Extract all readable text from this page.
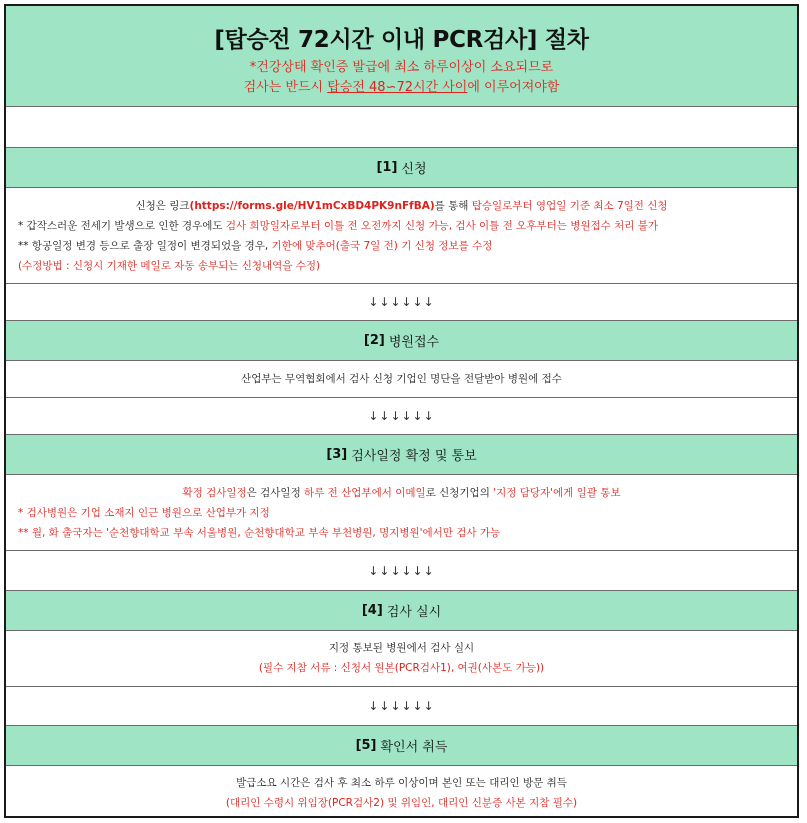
[탑승전 72시간 이내 PCR검사] 절차
*건강상태 확인증 발급에 최소 하루이상이 소요되므로
검사는 반드시 탑승전 48∽72시간 사이에 이루어져야함
[1] 신청
신청은 링크(https://forms.gle/HV1mCxBD4PK9nFfBA)를 통해 탑승일로부터 영업일 기준 최소 7일전 신청
* 갑작스러운 전세기 발생으로 인한 경우에도 검사 희망일자로부터 이틀 전 오전까지 신청 가능, 검사 이틀 전 오후부터는 병원접수 처리 불가
** 항공일정 변경 등으로 출장 일정이 변경되었을 경우, 기한에 맞추어(출국 7일 전) 기 신청 정보를 수정
(수정방법 : 신청시 기재한 메일로 자동 송부되는 신청내역을 수정)
↓↓↓↓↓↓
[2] 병원접수
산업부는 무역협회에서 검사 신청 기업인 명단을 전달받아 병원에 접수
↓↓↓↓↓↓
[3] 검사일정 확정 및 통보
확정 검사일정은 검사일정 하루 전 산업부에서 이메일로 신청기업의 '지정 담당자'에게 일괄 통보
* 검사병원은 기업 소재지 인근 병원으로 산업부가 지정
** 월, 화 출국자는 '순천향대학교 부속 서울병원, 순천향대학교 부속 부천병원, 명지병원'에서만 검사 가능
↓↓↓↓↓↓
[4] 검사 실시
지정 통보된 병원에서 검사 실시
(필수 지참 서류 : 신청서 원본(PCR검사1), 여권(사본도 가능))
↓↓↓↓↓↓
[5] 확인서 취득
발급소요 시간은 검사 후 최소 하루 이상이며 본인 또는 대리인 방문 취득
(대리인 수령시 위임장(PCR검사2) 및 위임인, 대리인 신분증 사본 지참 필수)
